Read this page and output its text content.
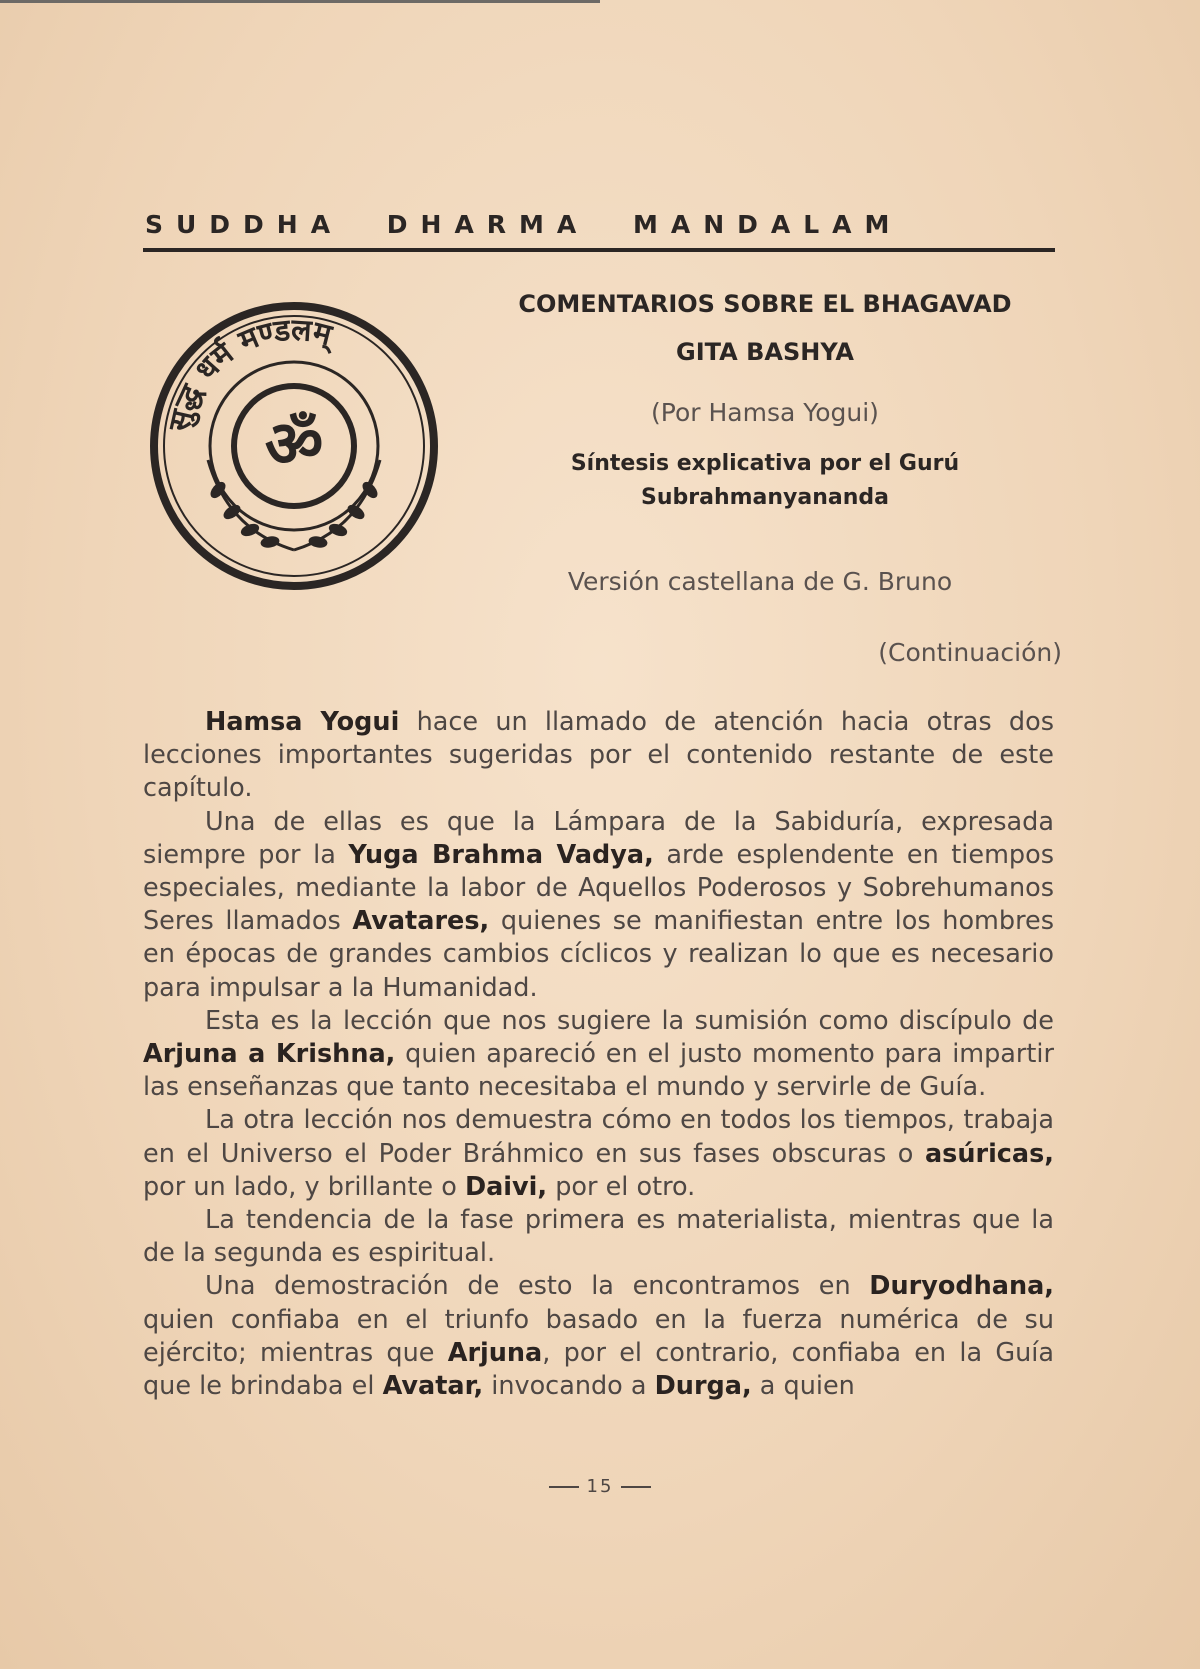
SUDDHA DHARMA MANDALAM
सुद्ध धर्म मण्डलम्
ॐ
COMENTARIOS SOBRE EL BHAGAVAD
GITA BASHYA
(Por Hamsa Yogui)
Síntesis explicativa por el Gurú
Subrahmanyananda
Versión castellana de G. Bruno
(Continuación)

Hamsa Yogui hace un llamado de atención hacia otras dos lecciones importantes sugeridas por el contenido restante de este capítulo.

Una de ellas es que la Lámpara de la Sabiduría, expresada siempre por la Yuga Brahma Vadya, arde esplendente en tiempos especiales, mediante la labor de Aquellos Poderosos y Sobrehumanos Seres llamados Avatares, quienes se manifiestan entre los hombres en épocas de grandes cambios cíclicos y realizan lo que es necesario para impulsar a la Humanidad.

Esta es la lección que nos sugiere la sumisión como discípulo de Arjuna a Krishna, quien apareció en el justo momento para impartir las enseñanzas que tanto necesitaba el mundo y servirle de Guía.

La otra lección nos demuestra cómo en todos los tiempos, trabaja en el Universo el Poder Bráhmico en sus fases obscuras o asúricas, por un lado, y brillante o Daivi, por el otro.

La tendencia de la fase primera es materialista, mientras que la de la segunda es espiritual.

Una demostración de esto la encontramos en Duryodhana, quien confiaba en el triunfo basado en la fuerza numérica de su ejército; mientras que Arjuna, por el contrario, confiaba en la Guía que le brindaba el Avatar, invocando a Durga, a quien

15
